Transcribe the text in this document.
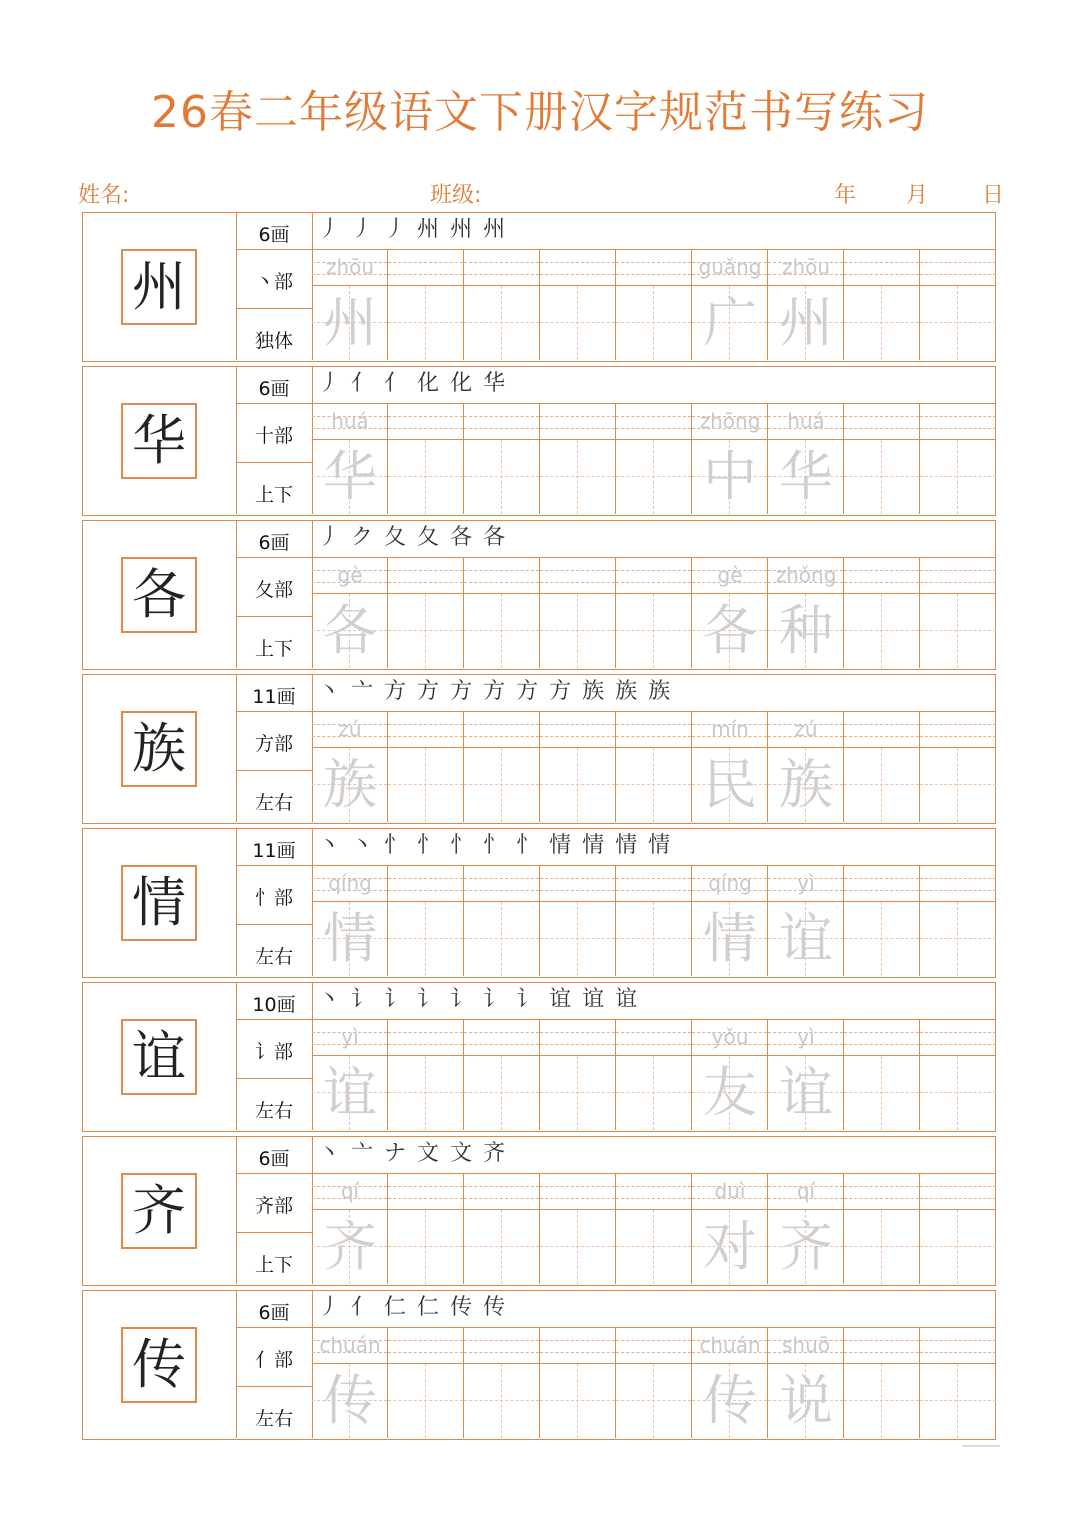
26春二年级语文下册汉字规范书写练习
姓名:	班级:	年 月 日
州
6画
丶部
独体
丿丿丿州州州
zhōu	guǎng	zhōu
州	广 州
华
6画
十部
上下
丿亻亻化化华
huá	zhōng	huá
华	中 华
各
6画
夂部
上下
丿ク夂夂各各
gè	gè	zhǒng
各	各 种
族
11画
方部
左右
丶亠方方方方方方族族族
zú	mín	zú
族	民 族
情
11画
忄部
左右
丶丶忄忄忄忄忄情情情情
qíng	qíng	yì
情	情 谊
谊
10画
讠部
左右
丶讠讠讠讠讠讠谊谊谊
yì	yǒu	yì
谊	友 谊
齐
6画
齐部
上下
丶亠ナ文文齐
qí	duì	qí
齐	对 齐
传
6画
亻部
左右
丿亻仁仁传传
chuán	chuán	shuō
传	传 说
